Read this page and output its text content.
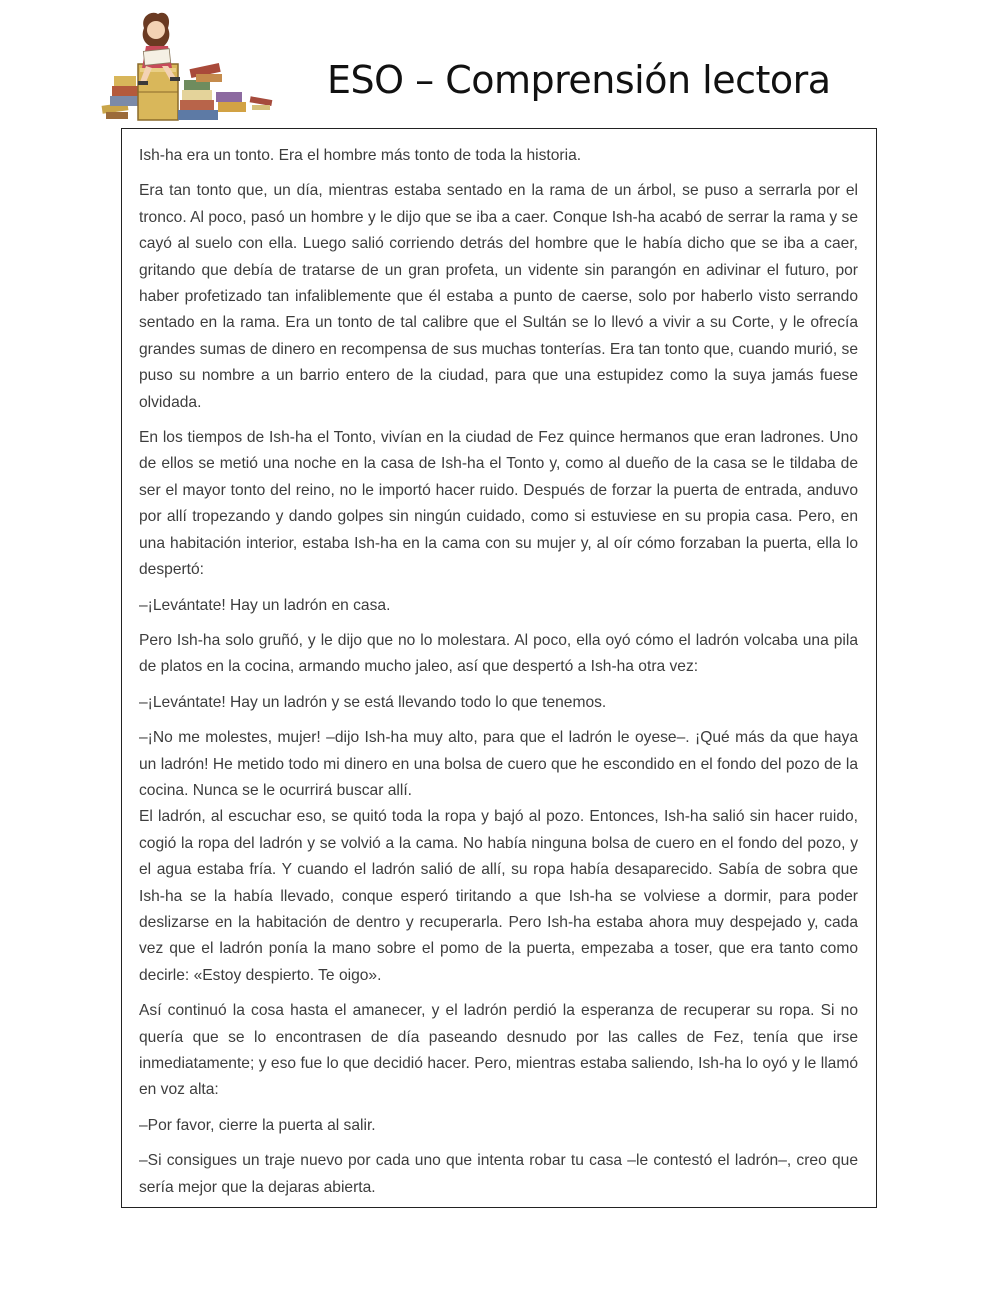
ESO – Comprensión lectora

Ish-ha era un tonto. Era el hombre más tonto de toda la historia.

Era tan tonto que, un día, mientras estaba sentado en la rama de un árbol, se puso a serrarla por el tronco. Al poco, pasó un hombre y le dijo que se iba a caer. Conque Ish-ha acabó de serrar la rama y se cayó al suelo con ella. Luego salió corriendo detrás del hombre que le había dicho que se iba a caer, gritando que debía de tratarse de un gran profeta, un vidente sin parangón en adivinar el futuro, por haber profetizado tan infaliblemente que él estaba a punto de caerse, solo por haberlo visto serrando sentado en la rama. Era un tonto de tal calibre que el Sultán se lo llevó a vivir a su Corte, y le ofrecía grandes sumas de dinero en recompensa de sus muchas tonterías. Era tan tonto que, cuando murió, se puso su nombre a un barrio entero de la ciudad, para que una estupidez como la suya jamás fuese olvidada.

En los tiempos de Ish-ha el Tonto, vivían en la ciudad de Fez quince hermanos que eran ladrones. Uno de ellos se metió una noche en la casa de Ish-ha el Tonto y, como al dueño de la casa se le tildaba de ser el mayor tonto del reino, no le importó hacer ruido. Después de forzar la puerta de entrada, anduvo por allí tropezando y dando golpes sin ningún cuidado, como si estuviese en su propia casa. Pero, en una habitación interior, estaba Ish-ha en la cama con su mujer y, al oír cómo forzaban la puerta, ella lo despertó:

–¡Levántate! Hay un ladrón en casa.

Pero Ish-ha solo gruñó, y le dijo que no lo molestara. Al poco, ella oyó cómo el ladrón volcaba una pila de platos en la cocina, armando mucho jaleo, así que despertó a Ish-ha otra vez:

–¡Levántate! Hay un ladrón y se está llevando todo lo que tenemos.

–¡No me molestes, mujer! –dijo Ish-ha muy alto, para que el ladrón le oyese–. ¡Qué más da que haya un ladrón! He metido todo mi dinero en una bolsa de cuero que he escondido en el fondo del pozo de la cocina. Nunca se le ocurrirá buscar allí.

El ladrón, al escuchar eso, se quitó toda la ropa y bajó al pozo. Entonces, Ish-ha salió sin hacer ruido, cogió la ropa del ladrón y se volvió a la cama. No había ninguna bolsa de cuero en el fondo del pozo, y el agua estaba fría. Y cuando el ladrón salió de allí, su ropa había desaparecido. Sabía de sobra que Ish-ha se la había llevado, conque esperó tiritando a que Ish-ha se volviese a dormir, para poder deslizarse en la habitación de dentro y recuperarla. Pero Ish-ha estaba ahora muy despejado y, cada vez que el ladrón ponía la mano sobre el pomo de la puerta, empezaba a toser, que era tanto como decirle: «Estoy despierto. Te oigo».

Así continuó la cosa hasta el amanecer, y el ladrón perdió la esperanza de recuperar su ropa. Si no quería que se lo encontrasen de día paseando desnudo por las calles de Fez, tenía que irse inmediatamente; y eso fue lo que decidió hacer. Pero, mientras estaba saliendo, Ish-ha lo oyó y le llamó en voz alta:

–Por favor, cierre la puerta al salir.

–Si consigues un traje nuevo por cada uno que intenta robar tu casa –le contestó el ladrón–, creo que sería mejor que la dejaras abierta.
